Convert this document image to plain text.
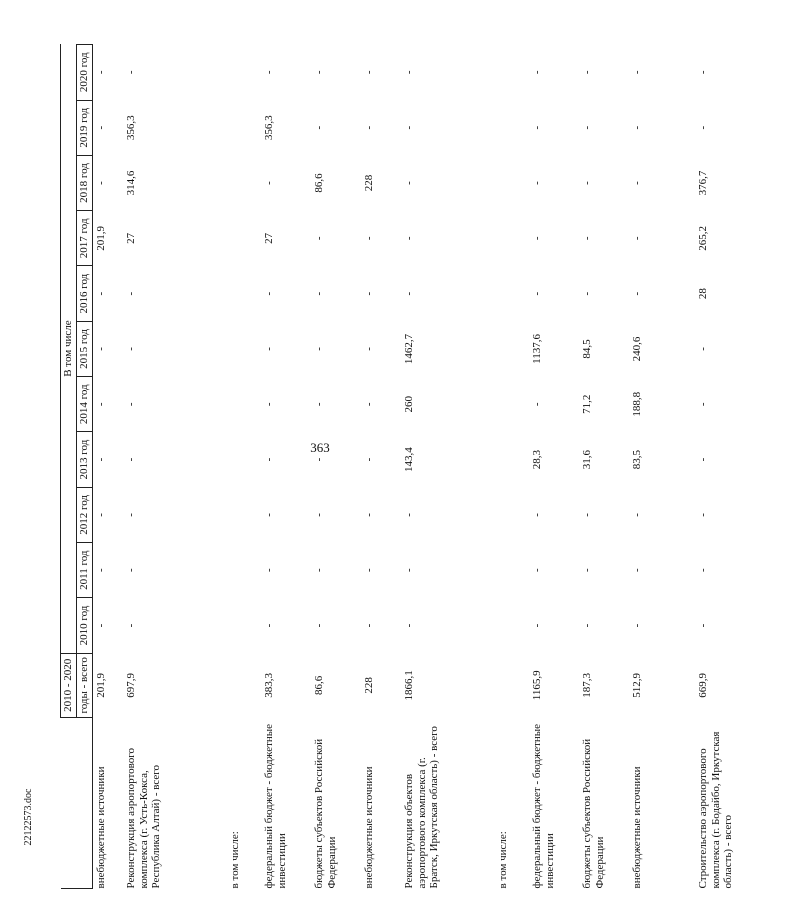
363
22122573.doc
	2010 - 2020	В том числе										
	годы - всего	2010 год	2011 год	2012 год	2013 год	2014 год	2015 год	2016 год	2017 год	2018 год	2019 год	2020 год
внебюджетные источники	201,9	-	-	-	-	-	-	-	201,9	-	-	-
Реконструкция аэропортового комплекса (г. Усть-Кокса, Республика Алтай) - всего	697,9	-	-	-	-	-	-	-	27	314,6	356,3	-
в том числе:												
федеральный бюджет - бюджетные инвестиции	383,3	-	-	-	-	-	-	-	27	-	356,3	-
бюджеты субъектов Российской Федерации	86,6	-	-	-	-	-	-	-	-	86,6	-	-
внебюджетные источники	228	-	-	-	-	-	-	-	-	228	-	-
Реконструкция объектов аэропортового комплекса (г. Братск, Иркутская область) - всего	1866,1	-	-	-	143,4	260	1462,7	-	-	-	-	-
в том числе:												
федеральный бюджет - бюджетные инвестиции	1165,9	-	-	-	28,3	-	1137,6	-	-	-	-	-
бюджеты субъектов Российской Федерации	187,3	-	-	-	31,6	71,2	84,5	-	-	-	-	-
внебюджетные источники	512,9	-	-	-	83,5	188,8	240,6	-	-	-	-	-
Строительство аэропортового комплекса (г. Бодайбо, Иркутская область) - всего	669,9	-	-	-	-	-	-	28	265,2	376,7	-	-
